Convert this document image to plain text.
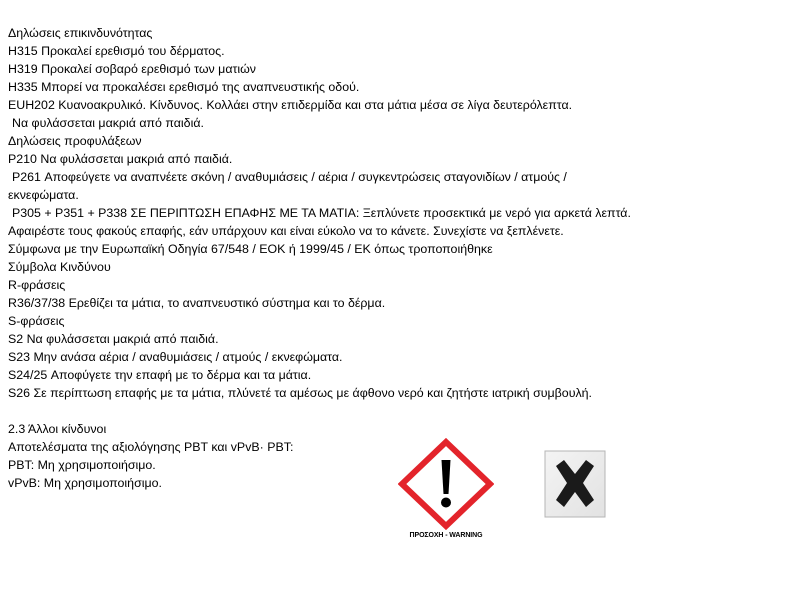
Δηλώσεις επικινδυνότητας
H315 Προκαλεί ερεθισμό του δέρματος.
H319 Προκαλεί σοβαρό ερεθισμό των ματιών
H335 Μπορεί να προκαλέσει ερεθισμό της αναπνευστικής οδού.
EUH202 Κυανοακρυλικό. Κίνδυνος. Κολλάει στην επιδερμίδα και στα μάτια μέσα σε λίγα δευτερόλεπτα.
Να φυλάσσεται μακριά από παιδιά.
Δηλώσεις προφυλάξεων
P210 Να φυλάσσεται μακριά από παιδιά.
P261 Αποφεύγετε να αναπνέετε σκόνη / αναθυμιάσεις / αέρια / συγκεντρώσεις σταγονιδίων / ατμούς /
εκνεφώματα.
P305 + P351 + P338 ΣΕ ΠΕΡΙΠΤΩΣΗ ΕΠΑΦΗΣ ΜΕ ΤΑ ΜΑΤΙΑ: Ξεπλύνετε προσεκτικά με νερό για αρκετά λεπτά.
Αφαιρέστε τους φακούς επαφής, εάν υπάρχουν και είναι εύκολο να το κάνετε. Συνεχίστε να ξεπλένετε.
Σύμφωνα με την Ευρωπαϊκή Οδηγία 67/548 / ΕΟΚ ή 1999/45 / ΕΚ όπως τροποποιήθηκε
Σύμβολα Κινδύνου
R-φράσεις
R36/37/38 Ερεθίζει τα μάτια, το αναπνευστικό σύστημα και το δέρμα.
S-φράσεις
S2 Να φυλάσσεται μακριά από παιδιά.
S23 Μην ανάσα αέρια / αναθυμιάσεις / ατμούς / εκνεφώματα.
S24/25 Αποφύγετε την επαφή με το δέρμα και τα μάτια.
S26 Σε περίπτωση επαφής με τα μάτια, πλύνετέ τα αμέσως με άφθονο νερό και ζητήστε ιατρική συμβουλή.
2.3 Άλλοι κίνδυνοι
Αποτελέσματα της αξιολόγησης PBT και vPvB· PBT:
PBT: Μη χρησιμοποιήσιμο.
vPvB: Μη χρησιμοποιήσιμο.
ΠΡΟΣΟΧΗ - WARNING
